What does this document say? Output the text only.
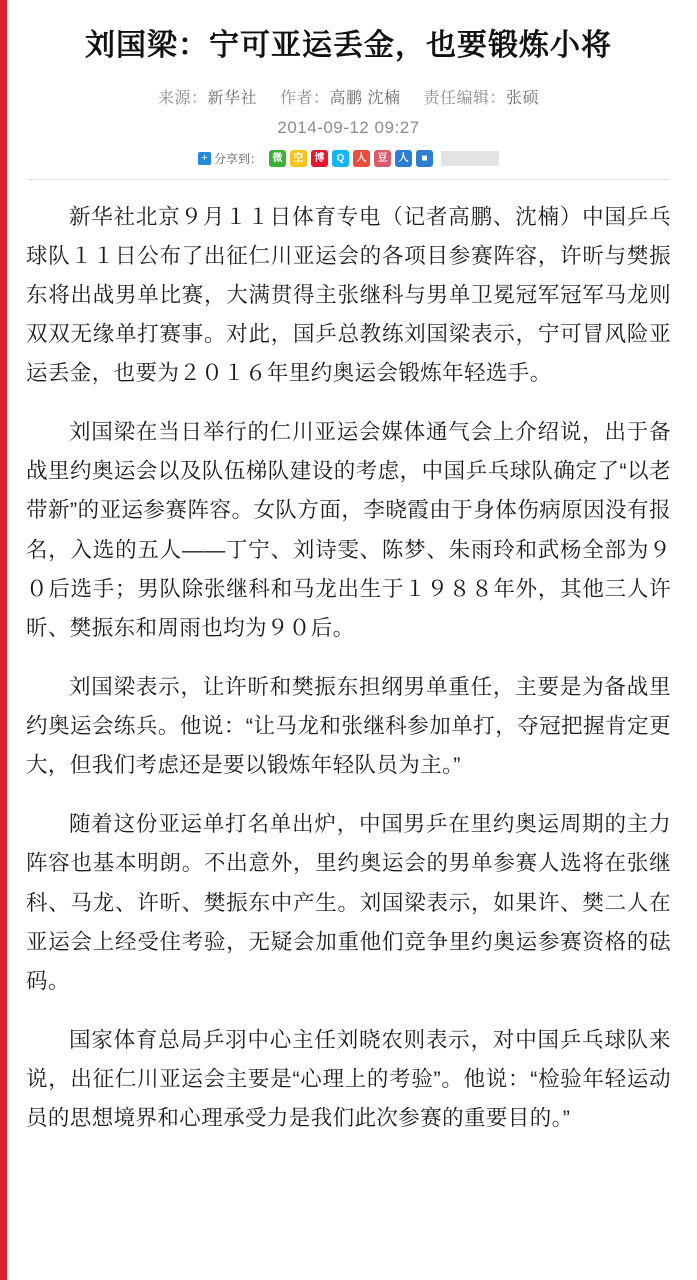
刘国梁：宁可亚运丢金，也要锻炼小将
来源：新华社 作者：高鹏 沈楠 责任编辑：张硕
2014-09-12 09:27
+ 分享到：	微	空	博	Q	人	豆	人	■

新华社北京９月１１日体育专电（记者高鹏、沈楠）中国乒乓球队１１日公布了出征仁川亚运会的各项目参赛阵容，许昕与樊振东将出战男单比赛，大满贯得主张继科与男单卫冕冠军冠军马龙则双双无缘单打赛事。对此，国乒总教练刘国梁表示，宁可冒风险亚运丢金，也要为２０１６年里约奥运会锻炼年轻选手。

刘国梁在当日举行的仁川亚运会媒体通气会上介绍说，出于备战里约奥运会以及队伍梯队建设的考虑，中国乒乓球队确定了“以老带新”的亚运参赛阵容。女队方面，李晓霞由于身体伤病原因没有报名，入选的五人——丁宁、刘诗雯、陈梦、朱雨玲和武杨全部为９０后选手；男队除张继科和马龙出生于１９８８年外，其他三人许昕、樊振东和周雨也均为９０后。

刘国梁表示，让许昕和樊振东担纲男单重任，主要是为备战里约奥运会练兵。他说：“让马龙和张继科参加单打，夺冠把握肯定更大，但我们考虑还是要以锻炼年轻队员为主。”

随着这份亚运单打名单出炉，中国男乒在里约奥运周期的主力阵容也基本明朗。不出意外，里约奥运会的男单参赛人选将在张继科、马龙、许昕、樊振东中产生。刘国梁表示，如果许、樊二人在亚运会上经受住考验，无疑会加重他们竞争里约奥运参赛资格的砝码。

国家体育总局乒羽中心主任刘晓农则表示，对中国乒乓球队来说，出征仁川亚运会主要是“心理上的考验”。他说：“检验年轻运动员的思想境界和心理承受力是我们此次参赛的重要目的。”
